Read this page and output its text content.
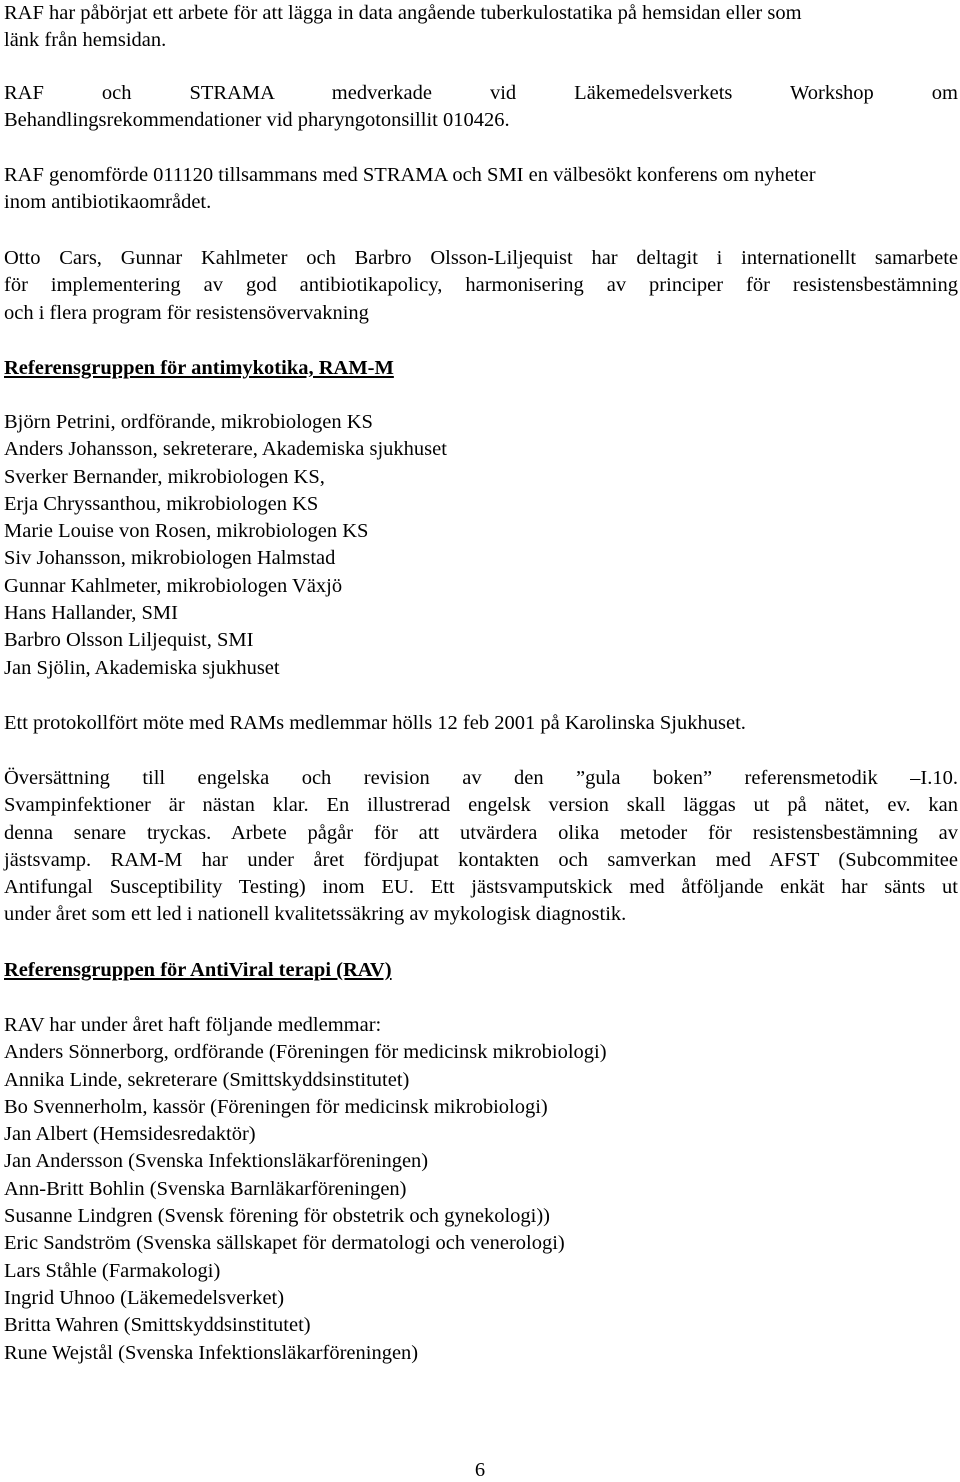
RAF har påbörjat ett arbete för att lägga in data angående tuberkulostatika på hemsidan eller som
länk från hemsidan.

RAF och STRAMA medverkade vid Läkemedelsverkets Workshop om
Behandlingsrekommendationer vid pharyngotonsillit 010426.

RAF genomförde 011120 tillsammans med STRAMA och SMI en välbesökt konferens om nyheter
inom antibiotikaområdet.

Otto Cars, Gunnar Kahlmeter och Barbro Olsson-Liljequist har deltagit i internationellt samarbete
för implementering av god antibiotikapolicy, harmonisering av principer för resistensbestämning
och i flera program för resistensövervakning

Referensgruppen för antimykotika, RAM-M
Björn Petrini, ordförande, mikrobiologen KS
Anders Johansson, sekreterare, Akademiska sjukhuset
Sverker Bernander, mikrobiologen KS,
Erja Chryssanthou, mikrobiologen KS
Marie Louise von Rosen, mikrobiologen KS
Siv Johansson, mikrobiologen Halmstad
Gunnar Kahlmeter, mikrobiologen Växjö
Hans Hallander, SMI
Barbro Olsson Liljequist, SMI
Jan Sjölin, Akademiska sjukhuset

Ett protokollfört möte med RAMs medlemmar hölls 12 feb 2001 på Karolinska Sjukhuset.

Översättning till engelska och revision av den ”gula boken” referensmetodik –I.10.
Svampinfektioner är nästan klar. En illustrerad engelsk version skall läggas ut på nätet, ev. kan
denna senare tryckas. Arbete pågår för att utvärdera olika metoder för resistensbestämning av
jästsvamp. RAM-M har under året fördjupat kontakten och samverkan med AFST (Subcommitee
Antifungal Susceptibility Testing) inom EU. Ett jästsvamputskick med åtföljande enkät har sänts ut
under året som ett led i nationell kvalitetssäkring av mykologisk diagnostik.

Referensgruppen för AntiViral terapi (RAV)
RAV har under året haft följande medlemmar:
Anders Sönnerborg, ordförande (Föreningen för medicinsk mikrobiologi)
Annika Linde, sekreterare (Smittskyddsinstitutet)
Bo Svennerholm, kassör (Föreningen för medicinsk mikrobiologi)
Jan Albert (Hemsidesredaktör)
Jan Andersson (Svenska Infektionsläkarföreningen)
Ann-Britt Bohlin (Svenska Barnläkarföreningen)
Susanne Lindgren (Svensk förening för obstetrik och gynekologi))
Eric Sandström (Svenska sällskapet för dermatologi och venerologi)
Lars Ståhle (Farmakologi)
Ingrid Uhnoo (Läkemedelsverket)
Britta Wahren (Smittskyddsinstitutet)
Rune Wejstål (Svenska Infektionsläkarföreningen)
6
